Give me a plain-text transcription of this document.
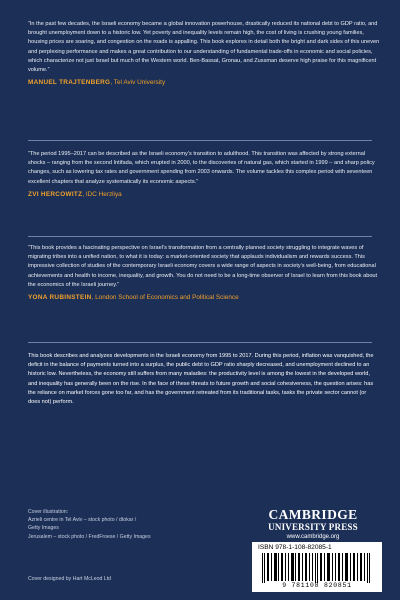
“In the past few decades, the Israeli economy became a global innovation powerhouse, drastically reduced its national debt to GDP ratio, and brought unemployment down to a historic low. Yet poverty and inequality levels remain high, the cost of living is crushing young families, housing prices are soaring, and congestion on the roads is appalling. This book explores in detail both the bright and dark sides of this uneven and perplexing performance and makes a great contribution to our understanding of fundamental trade-offs in economic and social policies, which characterize not just Israel but much of the Western world. Ben-Bassat, Gronau, and Zussman deserve high praise for this magnificent volume.”
MANUEL TRAJTENBERG, Tel Aviv University
“The period 1995–2017 can be described as the Israeli economy’s transition to adulthood. This transition was affected by strong external shocks – ranging from the second Intifada, which erupted in 2000, to the discoveries of natural gas, which started in 1999 – and sharp policy changes, such as lowering tax rates and government spending from 2003 onwards. The volume tackles this complex period with seventeen excellent chapters that analyze systematically its economic aspects.”
ZVI HERCOWITZ, IDC Herzliya
“This book provides a fascinating perspective on Israel’s transformation from a centrally planned society struggling to integrate waves of migrating tribes into a unified nation, to what it is today: a market-oriented society that applauds individualism and rewards success. This impressive collection of studies of the contemporary Israeli economy covers a wide range of aspects in society’s well-being, from educational achievements and health to income, inequality, and growth. You do not need to be a long-time observer of Israel to learn from this book about the economics of the Israeli journey.”
YONA RUBINSTEIN, London School of Economics and Political Science
This book describes and analyzes developments in the Israeli economy from 1995 to 2017. During this period, inflation was vanquished, the deficit in the balance of payments turned into a surplus, the public debt to GDP ratio sharply decreased, and unemployment declined to an historic low. Nevertheless, the economy still suffers from many maladies: the productivity level is among the lowest in the developed world, and inequality has generally been on the rise. In the face of these threats to future growth and social cohesiveness, the question arises: has the reliance on market forces gone too far, and has the government retreated from its traditional tasks, tasks the private sector cannot (or does not) perform.
Cover illustration:
Azrieli centre in Tel Aviv – stock photo / dtokar /
Getty Images
Jerusalem – stock photo / FredFroese / Getty Images
Cover designed by Hart McLeod Ltd
CAMBRIDGE
UNIVERSITY PRESS
www.cambridge.org
ISBN 978-1-108-82085-1
9 781108 820851
